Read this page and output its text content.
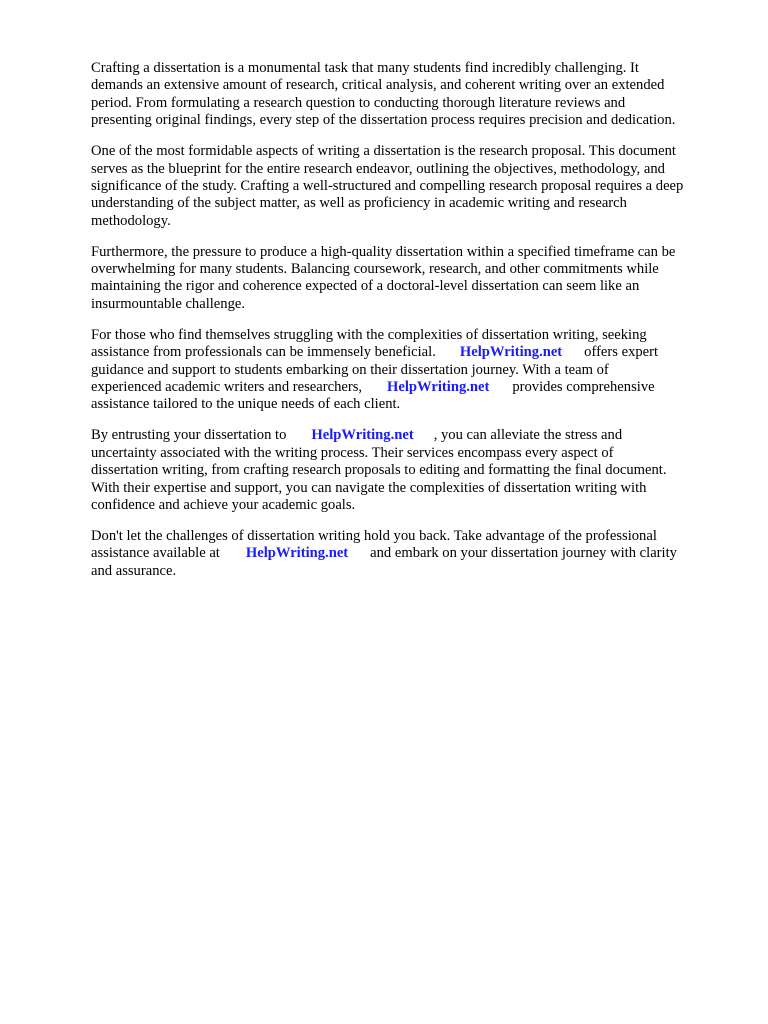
Crafting a dissertation is a monumental task that many students find incredibly challenging. It
demands an extensive amount of research, critical analysis, and coherent writing over an extended
period. From formulating a research question to conducting thorough literature reviews and
presenting original findings, every step of the dissertation process requires precision and dedication.

One of the most formidable aspects of writing a dissertation is the research proposal. This document
serves as the blueprint for the entire research endeavor, outlining the objectives, methodology, and
significance of the study. Crafting a well-structured and compelling research proposal requires a deep
understanding of the subject matter, as well as proficiency in academic writing and research
methodology.

Furthermore, the pressure to produce a high-quality dissertation within a specified timeframe can be
overwhelming for many students. Balancing coursework, research, and other commitments while
maintaining the rigor and coherence expected of a doctoral-level dissertation can seem like an
insurmountable challenge.

For those who find themselves struggling with the complexities of dissertation writing, seeking
assistance from professionals can be immensely beneficial. HelpWriting.net offers expert
guidance and support to students embarking on their dissertation journey. With a team of
experienced academic writers and researchers, HelpWriting.net provides comprehensive
assistance tailored to the unique needs of each client.

By entrusting your dissertation to HelpWriting.net , you can alleviate the stress and
uncertainty associated with the writing process. Their services encompass every aspect of
dissertation writing, from crafting research proposals to editing and formatting the final document.
With their expertise and support, you can navigate the complexities of dissertation writing with
confidence and achieve your academic goals.

Don't let the challenges of dissertation writing hold you back. Take advantage of the professional
assistance available at HelpWriting.net and embark on your dissertation journey with clarity
and assurance.
